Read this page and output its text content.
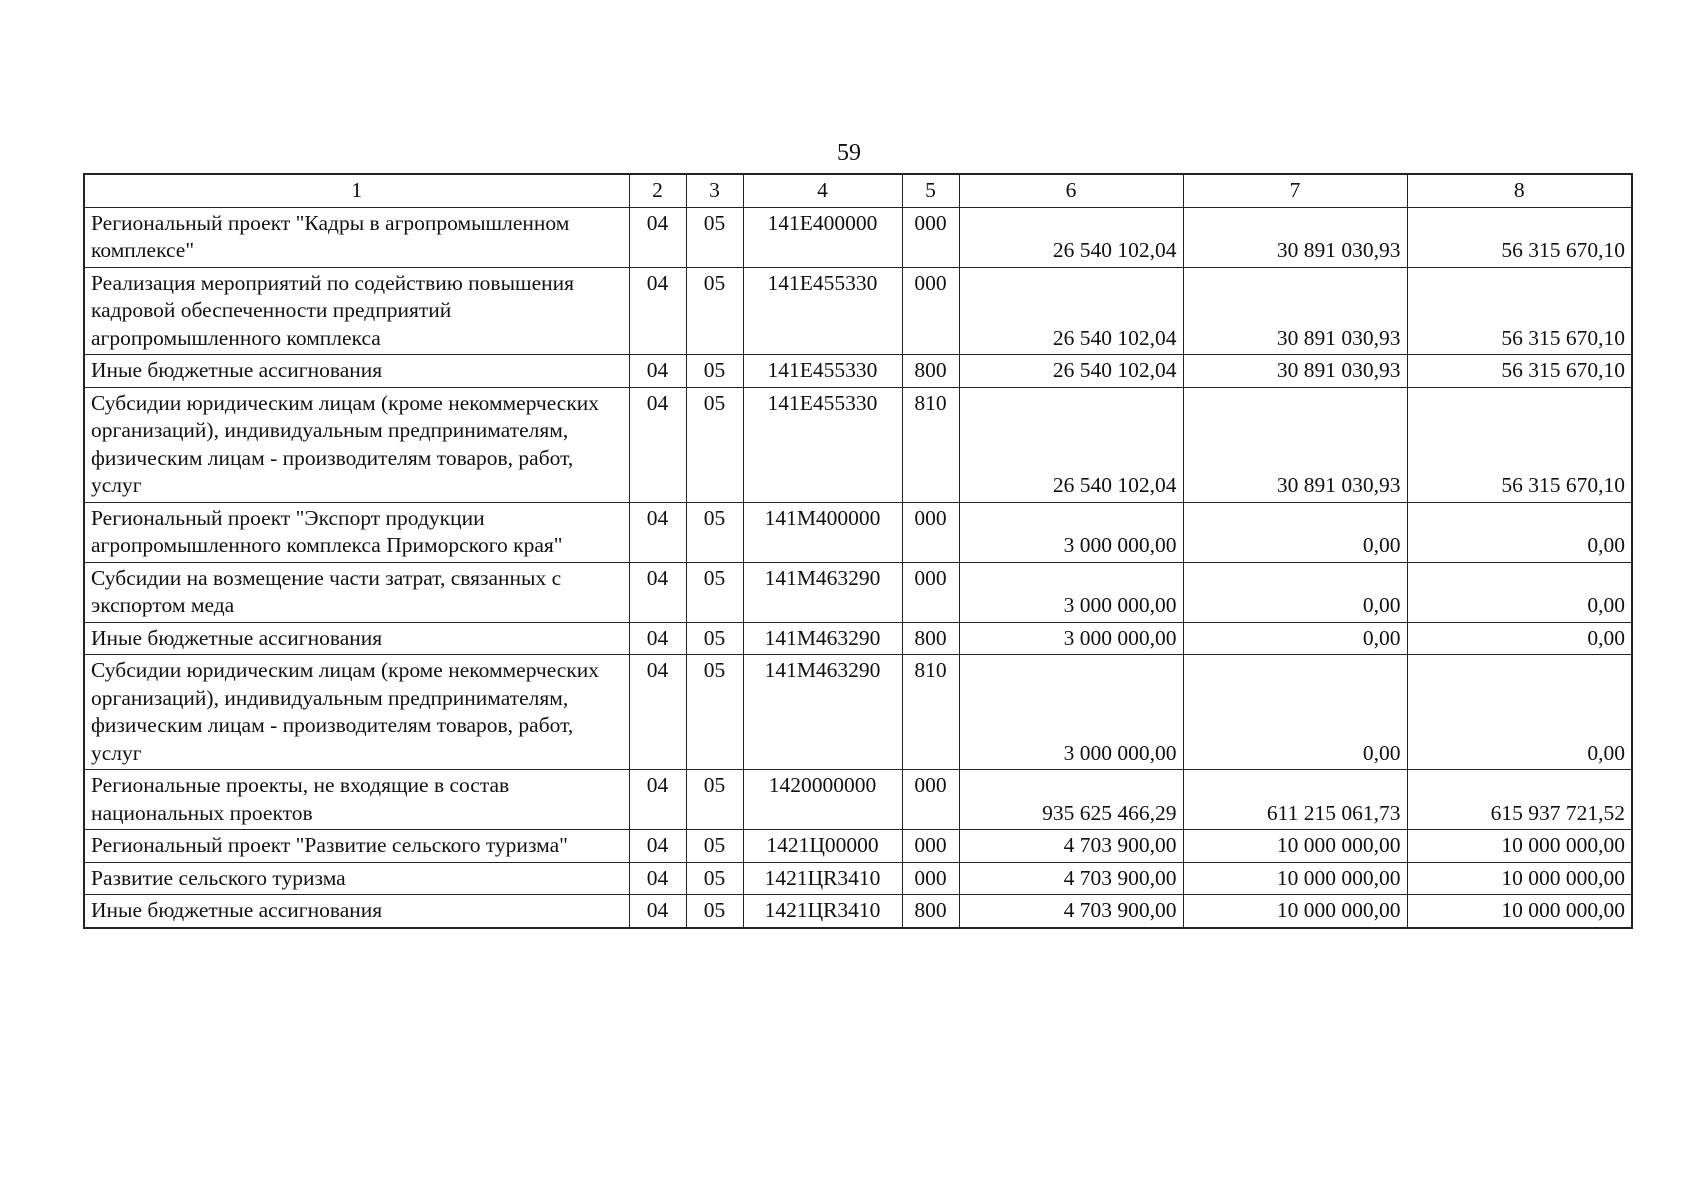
59
1	2	3	4	5	6	7	8
Региональный проект "Кадры в агропромышленном комплексе"	04	05	141E400000	000	26 540 102,04	30 891 030,93	56 315 670,10
Реализация мероприятий по содействию повышения кадровой обеспеченности предприятий агропромышленного комплекса	04	05	141E455330	000	26 540 102,04	30 891 030,93	56 315 670,10
Иные бюджетные ассигнования	04	05	141E455330	800	26 540 102,04	30 891 030,93	56 315 670,10
Субсидии юридическим лицам (кроме некоммерческих организаций), индивидуальным предпринимателям, физическим лицам - производителям товаров, работ, услуг	04	05	141E455330	810	26 540 102,04	30 891 030,93	56 315 670,10
Региональный проект "Экспорт продукции агропромышленного комплекса Приморского края"	04	05	141M400000	000	3 000 000,00	0,00	0,00
Субсидии на возмещение части затрат, связанных с экспортом меда	04	05	141M463290	000	3 000 000,00	0,00	0,00
Иные бюджетные ассигнования	04	05	141M463290	800	3 000 000,00	0,00	0,00
Субсидии юридическим лицам (кроме некоммерческих организаций), индивидуальным предпринимателям, физическим лицам - производителям товаров, работ, услуг	04	05	141M463290	810	3 000 000,00	0,00	0,00
Региональные проекты, не входящие в состав национальных проектов	04	05	1420000000	000	935 625 466,29	611 215 061,73	615 937 721,52
Региональный проект "Развитие сельского туризма"	04	05	1421Ц00000	000	4 703 900,00	10 000 000,00	10 000 000,00
Развитие сельского туризма	04	05	1421ЦR3410	000	4 703 900,00	10 000 000,00	10 000 000,00
Иные бюджетные ассигнования	04	05	1421ЦR3410	800	4 703 900,00	10 000 000,00	10 000 000,00
